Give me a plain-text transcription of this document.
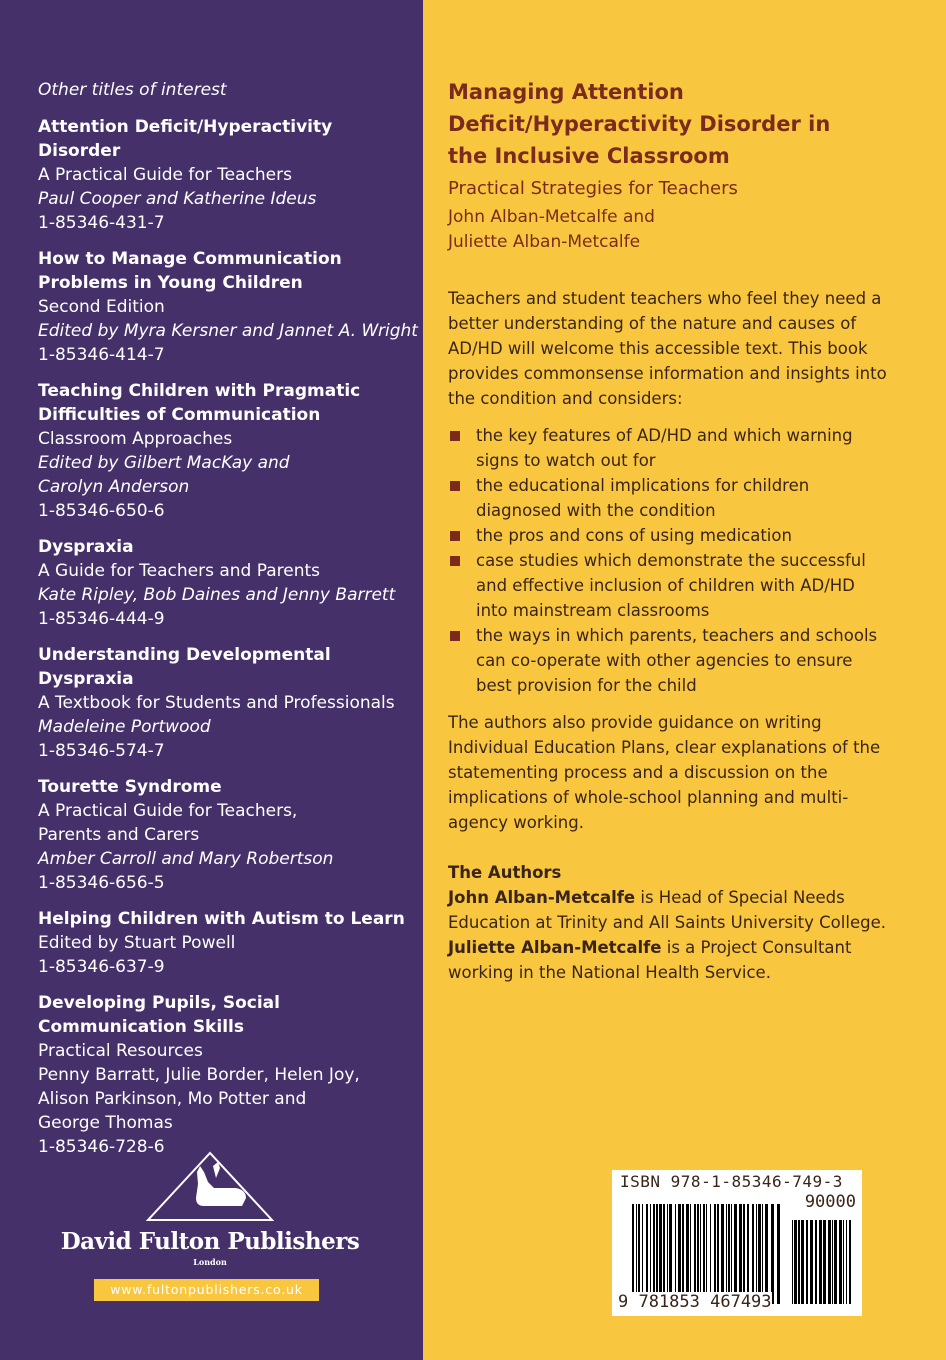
Other titles of interest
Attention Deficit/Hyperactivity Disorder
A Practical Guide for Teachers
Paul Cooper and Katherine Ideus
1-85346-431-7
How to Manage Communication
Problems in Young Children
Second Edition
Edited by Myra Kersner and Jannet A. Wright
1-85346-414-7
Teaching Children with Pragmatic
Difficulties of Communication
Classroom Approaches
Edited by Gilbert MacKay and
Carolyn Anderson
1-85346-650-6
Dyspraxia
A Guide for Teachers and Parents
Kate Ripley, Bob Daines and Jenny Barrett
1-85346-444-9
Understanding Developmental
Dyspraxia
A Textbook for Students and Professionals
Madeleine Portwood
1-85346-574-7
Tourette Syndrome
A Practical Guide for Teachers,
Parents and Carers
Amber Carroll and Mary Robertson
1-85346-656-5
Helping Children with Autism to Learn
Edited by Stuart Powell
1-85346-637-9
Developing Pupils, Social
Communication Skills
Practical Resources
Penny Barratt, Julie Border, Helen Joy,
Alison Parkinson, Mo Potter and
George Thomas
1-85346-728-6
David Fulton Publishers
London
www.fultonpublishers.co.uk
Managing Attention
Deficit/Hyperactivity Disorder in
the Inclusive Classroom
Practical Strategies for Teachers
John Alban-Metcalfe and
Juliette Alban-Metcalfe

Teachers and student teachers who feel they need a better understanding of the nature and causes of AD/HD will welcome this accessible text. This book provides commonsense information and insights into the condition and considers:

the key features of AD/HD and which warning signs to watch out for
the educational implications for children diagnosed with the condition
the pros and cons of using medication
case studies which demonstrate the successful and effective inclusion of children with AD/HD into mainstream classrooms
the ways in which parents, teachers and schools can co-operate with other agencies to ensure best provision for the child

The authors also provide guidance on writing Individual Education Plans, clear explanations of the statementing process and a discussion on the implications of whole-school planning and multi-agency working.

The Authors

John Alban-Metcalfe is Head of Special Needs Education at Trinity and All Saints University College. Juliette Alban-Metcalfe is a Project Consultant working in the National Health Service.

ISBN 978-1-85346-749-3
90000
9 781853 467493
